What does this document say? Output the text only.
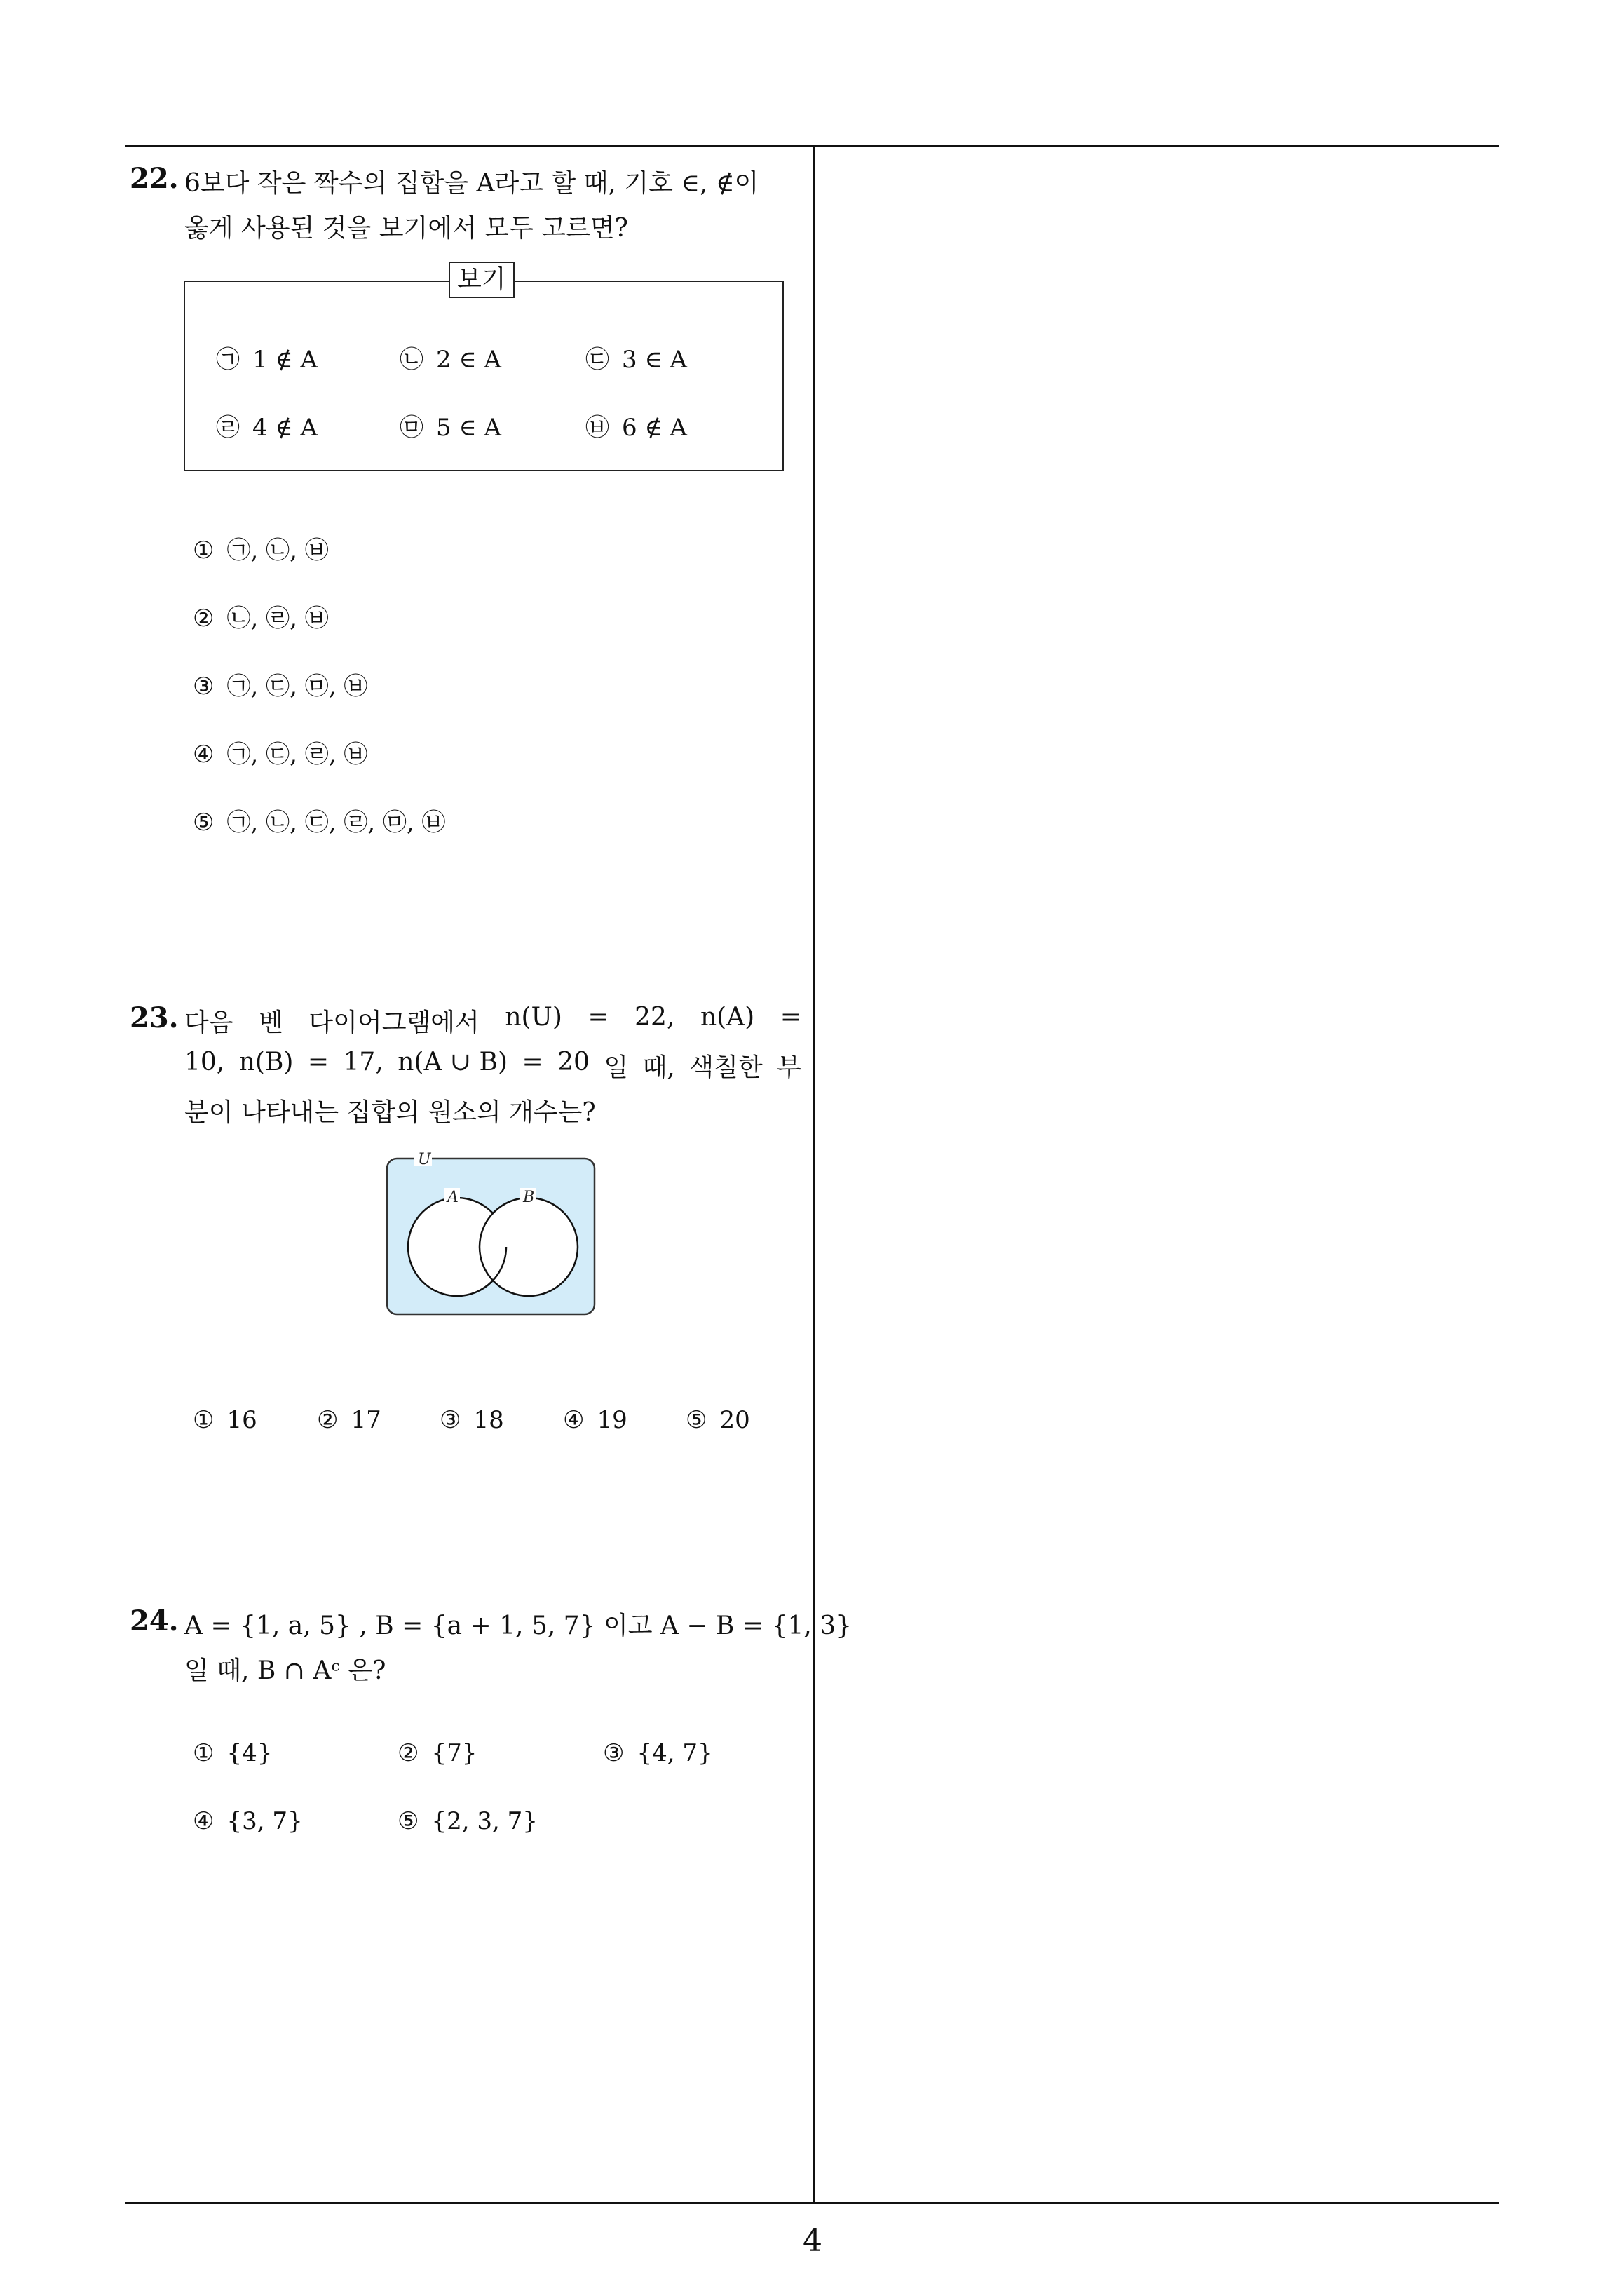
22. 6보다 작은 짝수의 집합을 A라고 할 때, 기호 ∈, ∉이
옳게 사용된 것을 보기에서 모두 고르면?
보기
㉠ 1 ∉ A	㉡ 2 ∈ A	㉢ 3 ∈ A
㉣ 4 ∉ A	㉤ 5 ∈ A	㉥ 6 ∉ A
① ㉠, ㉡, ㉥
② ㉡, ㉣, ㉥
③ ㉠, ㉢, ㉤, ㉥
④ ㉠, ㉢, ㉣, ㉥
⑤ ㉠, ㉡, ㉢, ㉣, ㉤, ㉥
23. 다음 벤 다이어그램에서 n(U) = 22, n(A) =
10, n(B) = 17, n(A ∪ B) = 20 일 때, 색칠한 부
분이 나타내는 집합의 원소의 개수는?
U
A	B
① 16	② 17 ③ 18 ④ 19 ⑤ 20
24. A = {1, a, 5} , B = {a + 1, 5, 7} 이고 A − B = {1, 3}
일 때, B ∩ Aᶜ 은?
① {4}	② {7}	③ {4, 7}
④ {3, 7}	⑤ {2, 3, 7}
4
